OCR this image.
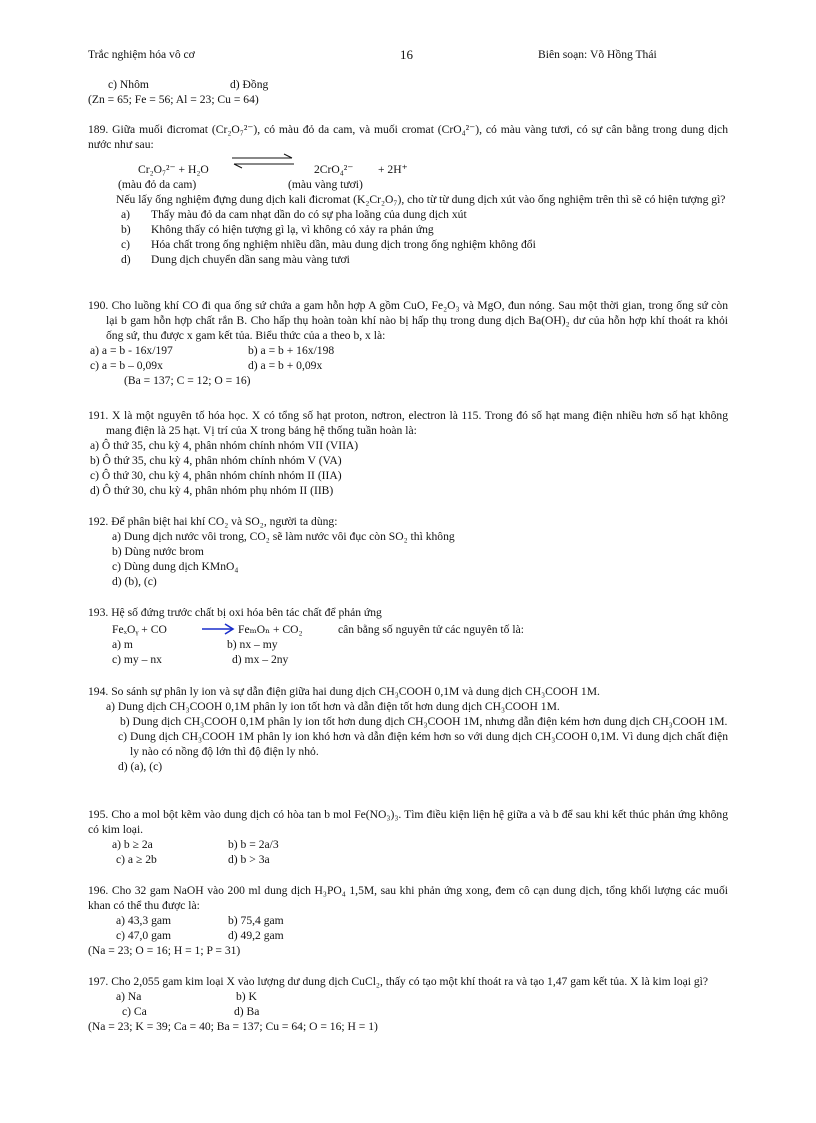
Trắc nghiệm hóa vô cơ	16	Biên soạn: Võ Hồng Thái
c) Nhôm	d) Đồng
(Zn = 65; Fe = 56; Al = 23; Cu = 64)
189. Giữa muối đicromat (Cr₂O₇²⁻), có màu đỏ da cam, và muối cromat (CrO₄²⁻), có màu vàng tươi, có sự cân bằng trong dung dịch nước như sau:
Cr₂O₇²⁻ + H₂O	2CrO₄²⁻ + 2H⁺
(màu đỏ da cam)	(màu vàng tươi)
Nếu lấy ống nghiệm đựng dung dịch kali đicromat (K₂Cr₂O₇), cho từ từ dung dịch xút vào ống nghiệm trên thì sẽ có hiện tượng gì?
a) Thấy màu đỏ da cam nhạt dần do có sự pha loãng của dung dịch xút
b) Không thấy có hiện tượng gì lạ, vì không có xảy ra phản ứng
c) Hóa chất trong ống nghiệm nhiều dần, màu dung dịch trong ống nghiệm không đổi
d) Dung dịch chuyển dần sang màu vàng tươi
190. Cho luồng khí CO đi qua ống sứ chứa a gam hỗn hợp A gồm CuO, Fe₂O₃ và MgO, đun nóng. Sau một thời gian, trong ống sứ còn lại b gam hỗn hợp chất rắn B. Cho hấp thụ hoàn toàn khí nào bị hấp thụ trong dung dịch Ba(OH)₂ dư của hỗn hợp khí thoát ra khỏi ống sứ, thu được x gam kết tủa. Biểu thức của a theo b, x là:
a) a = b - 16x/197	b) a = b + 16x/198
c) a = b – 0,09x	d) a = b + 0,09x
(Ba = 137; C = 12; O = 16)
191. X là một nguyên tố hóa học. X có tổng số hạt proton, nơtron, electron là 115. Trong đó số hạt mang điện nhiều hơn số hạt không mang điện là 25 hạt. Vị trí của X trong bảng hệ thống tuần hoàn là:
a) Ô thứ 35, chu kỳ 4, phân nhóm chính nhóm VII (VIIA)
b) Ô thứ 35, chu kỳ 4, phân nhóm chính nhóm V (VA)
c) Ô thứ 30, chu kỳ 4, phân nhóm chính nhóm II (IIA)
d) Ô thứ 30, chu kỳ 4, phân nhóm phụ nhóm II (IIB)
192. Để phân biệt hai khí CO₂ và SO₂, người ta dùng:
a) Dung dịch nước vôi trong, CO₂ sẽ làm nước vôi đục còn SO₂ thì không
b) Dùng nước brom
c) Dùng dung dịch KMnO₄
d) (b), (c)
193. Hệ số đứng trước chất bị oxi hóa bên tác chất để phản ứng
FeₓOᵧ + CO	→ FeₘOₙ + CO₂	cân bằng số nguyên tử các nguyên tố là:
a) m	b) nx – my
c) my – nx	d) mx – 2ny
194. So sánh sự phân ly ion và sự dẫn điện giữa hai dung dịch CH₃COOH 0,1M và dung dịch CH₃COOH 1M.
a) Dung dịch CH₃COOH 0,1M phân ly ion tốt hơn và dẫn điện tốt hơn dung dịch CH₃COOH 1M.
b) Dung dịch CH₃COOH 0,1M phân ly ion tốt hơn dung dịch CH₃COOH 1M, nhưng dẫn điện kém hơn dung dịch CH₃COOH 1M.
c) Dung dịch CH₃COOH 1M phân ly ion khó hơn và dẫn điện kém hơn so với dung dịch CH₃COOH 0,1M. Vì dung dịch chất điện ly nào có nồng độ lớn thì độ điện ly nhỏ.
d) (a), (c)
195. Cho a mol bột kẽm vào dung dịch có hòa tan b mol Fe(NO₃)₃. Tìm điều kiện liện hệ giữa a và b để sau khi kết thúc phản ứng không có kim loại.
a) b ≥ 2a	b) b = 2a/3
c) a ≥ 2b	d) b > 3a
196. Cho 32 gam NaOH vào 200 ml dung dịch H₃PO₄ 1,5M, sau khi phản ứng xong, đem cô cạn dung dịch, tổng khối lượng các muối khan có thể thu được là:
a) 43,3 gam	b) 75,4 gam
c) 47,0 gam	d) 49,2 gam
(Na = 23; O = 16; H = 1; P = 31)
197. Cho 2,055 gam kim loại X vào lượng dư dung dịch CuCl₂, thấy có tạo một khí thoát ra và tạo 1,47 gam kết tủa. X là kim loại gì?
a) Na	b) K
c) Ca	d) Ba
(Na = 23; K = 39; Ca = 40; Ba = 137; Cu = 64; O = 16; H = 1)
